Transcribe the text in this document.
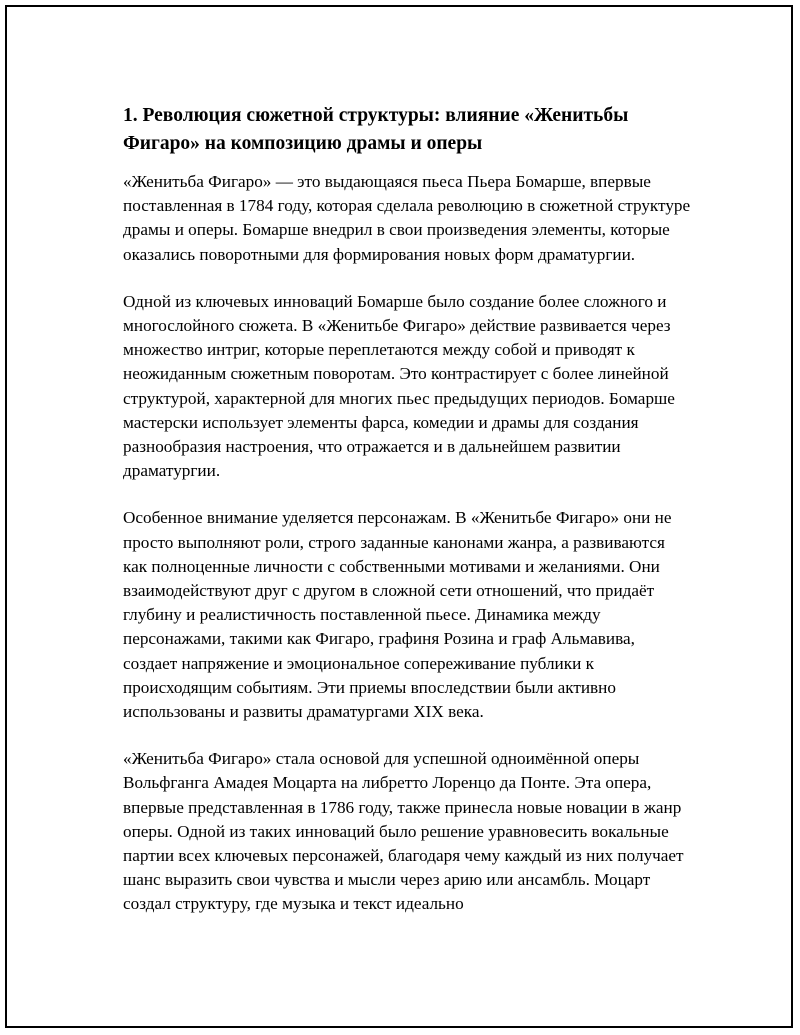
1. Революция сюжетной структуры: влияние «Женитьбы Фигаро» на композицию драмы и оперы

«Женитьба Фигаро» — это выдающаяся пьеса Пьера Бомарше, впервые поставленная в 1784 году, которая сделала революцию в сюжетной структуре драмы и оперы. Бомарше внедрил в свои произведения элементы, которые оказались поворотными для формирования новых форм драматургии.

Одной из ключевых инноваций Бомарше было создание более сложного и многослойного сюжета. В «Женитьбе Фигаро» действие развивается через множество интриг, которые переплетаются между собой и приводят к неожиданным сюжетным поворотам. Это контрастирует с более линейной структурой, характерной для многих пьес предыдущих периодов. Бомарше мастерски использует элементы фарса, комедии и драмы для создания разнообразия настроения, что отражается и в дальнейшем развитии драматургии.

Особенное внимание уделяется персонажам. В «Женитьбе Фигаро» они не просто выполняют роли, строго заданные канонами жанра, а развиваются как полноценные личности с собственными мотивами и желаниями. Они взаимодействуют друг с другом в сложной сети отношений, что придаёт глубину и реалистичность поставленной пьесе. Динамика между персонажами, такими как Фигаро, графиня Розина и граф Альмавива, создает напряжение и эмоциональное сопереживание публики к происходящим событиям. Эти приемы впоследствии были активно использованы и развиты драматургами XIX века.

«Женитьба Фигаро» стала основой для успешной одноимённой оперы Вольфганга Амадея Моцарта на либретто Лоренцо да Понте. Эта опера, впервые представленная в 1786 году, также принесла новые новации в жанр оперы. Одной из таких инноваций было решение уравновесить вокальные партии всех ключевых персонажей, благодаря чему каждый из них получает шанс выразить свои чувства и мысли через арию или ансамбль. Моцарт создал структуру, где музыка и текст идеально
